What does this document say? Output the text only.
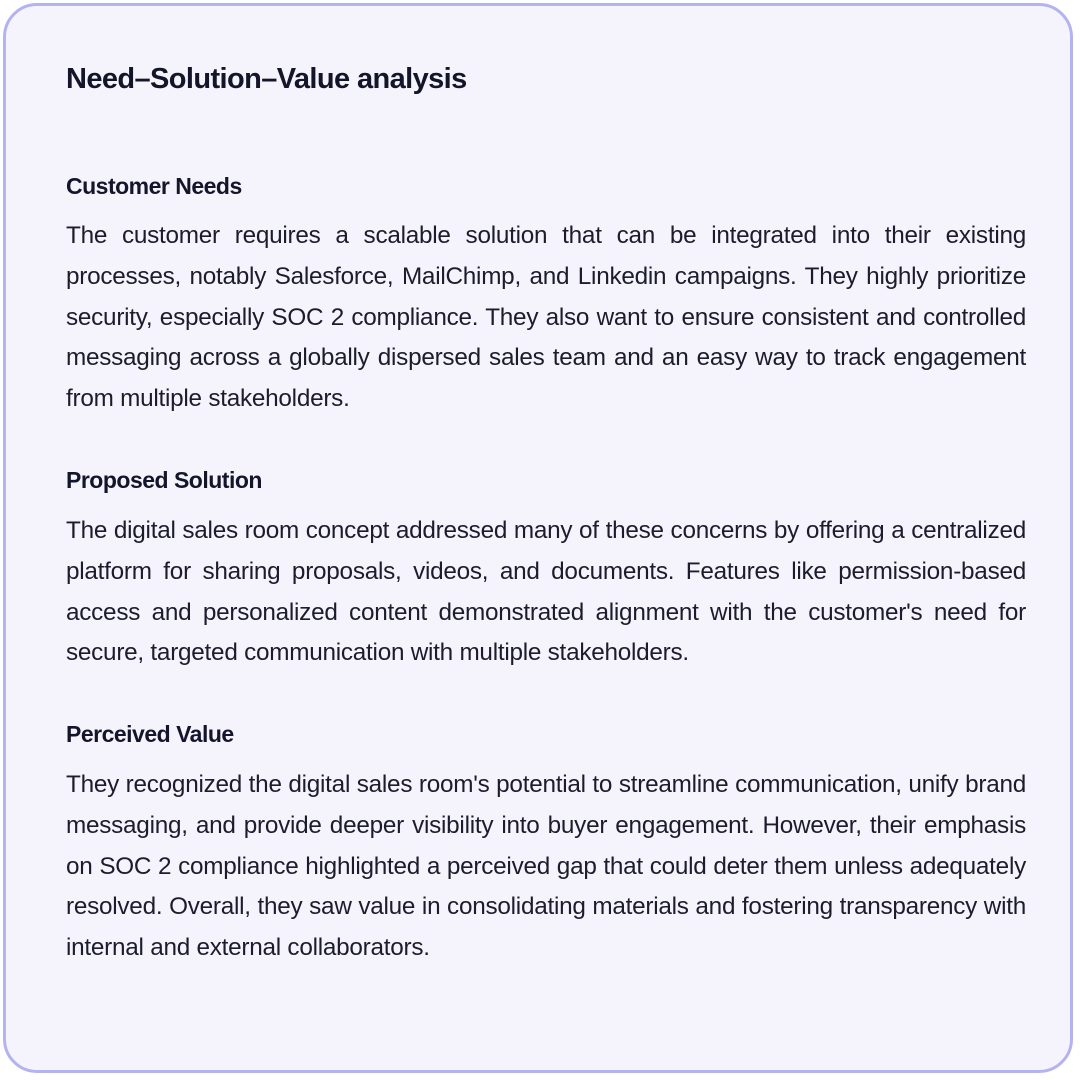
Need–Solution–Value analysis
Customer Needs

The customer requires a scalable solution that can be integrated into their existing processes, notably Salesforce, MailChimp, and Linkedin campaigns. They highly prioritize security, especially SOC 2 compliance. They also want to ensure consistent and controlled messaging across a globally dispersed sales team and an easy way to track engagement from multiple stakeholders.

Proposed Solution

The digital sales room concept addressed many of these concerns by offering a centralized platform for sharing proposals, videos, and documents. Features like permission-based access and personalized content demonstrated alignment with the customer's need for secure, targeted communication with multiple stakeholders.

Perceived Value

They recognized the digital sales room's potential to streamline communication, unify brand messaging, and provide deeper visibility into buyer engagement. However, their emphasis on SOC 2 compliance highlighted a perceived gap that could deter them unless adequately resolved. Overall, they saw value in consolidating materials and fostering transparency with internal and external collaborators.
